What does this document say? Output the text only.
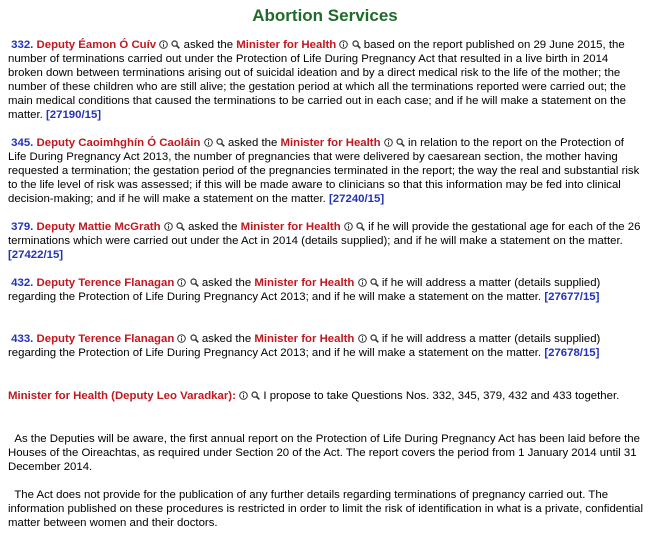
Abortion Services

332. Deputy Éamon Ó Cuív
asked the Minister for Health
based on the report published on 29 June 2015, the number of terminations carried out under the Protection of Life During Pregnancy Act that resulted in a live birth in 2014 broken down between terminations arising out of suicidal ideation and by a direct medical risk to the life of the mother; the number of these children who are still alive; the gestation period at which all the terminations reported were carried out; the main medical conditions that caused the terminations to be carried out in each case; and if he will make a statement on the matter. [27190/15]

345. Deputy Caoimhghín Ó Caoláin
asked the Minister for Health
in relation to the report on the Protection of Life During Pregnancy Act 2013, the number of pregnancies that were delivered by caesarean section, the mother having requested a termination; the gestation period of the pregnancies terminated in the report; the way the real and substantial risk to the life level of risk was assessed; if this will be made aware to clinicians so that this information may be fed into clinical decision-making; and if he will make a statement on the matter. [27240/15]

379. Deputy Mattie McGrath
asked the Minister for Health
if he will provide the gestational age for each of the 26 terminations which were carried out under the Act in 2014 (details supplied); and if he will make a statement on the matter. [27422/15]

432. Deputy Terence Flanagan
asked the Minister for Health
if he will address a matter (details supplied) regarding the Protection of Life During Pregnancy Act 2013; and if he will make a statement on the matter. [27677/15]

433. Deputy Terence Flanagan
asked the Minister for Health
if he will address a matter (details supplied) regarding the Protection of Life During Pregnancy Act 2013; and if he will make a statement on the matter. [27678/15]

Minister for Health (Deputy Leo Varadkar):
I propose to take Questions Nos. 332, 345, 379, 432 and 433 together.

As the Deputies will be aware, the first annual report on the Protection of Life During Pregnancy Act has been laid before the Houses of the Oireachtas, as required under Section 20 of the Act. The report covers the period from 1 January 2014 until 31 December 2014.

The Act does not provide for the publication of any further details regarding terminations of pregnancy carried out. The information published on these procedures is restricted in order to limit the risk of identification in what is a private, confidential matter between women and their doctors.
